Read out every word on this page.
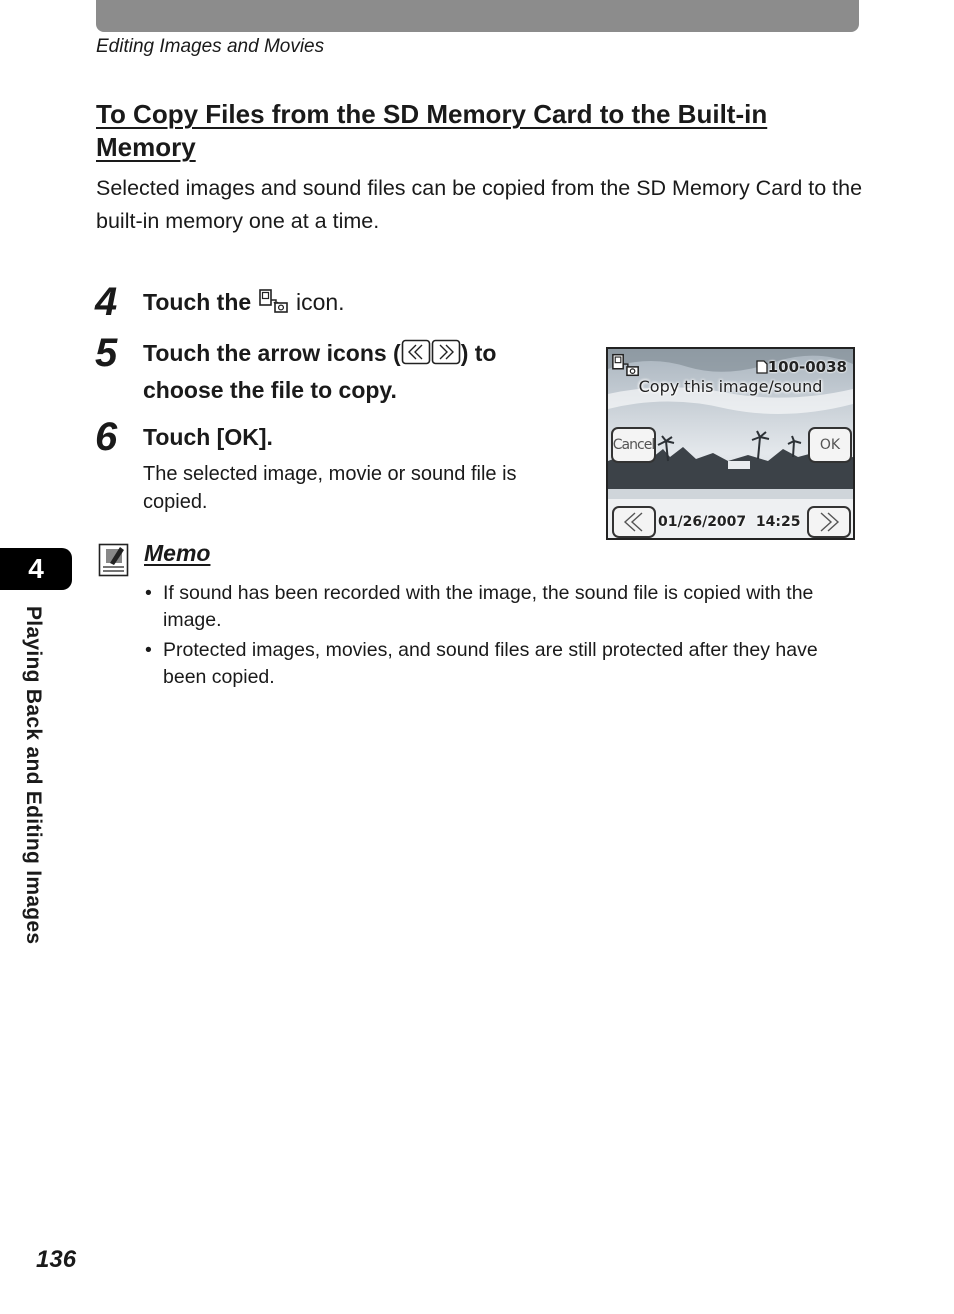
Editing Images and Movies
To Copy Files from the SD Memory Card to the Built-in Memory

Selected images and sound files can be copied from the SD Memory Card to the built-in memory one at a time.

4 Touch the icon.

5 Touch the arrow icons (	) to choose the file to copy.

6 Touch [OK].

The selected image, movie or sound file is copied.

100-0038
Copy this image/sound
Cancel	OK
01/26/2007 14:25
Memo
• If sound has been recorded with the image, the sound file is copied with the image.
• Protected images, movies, and sound files are still protected after they have been copied.
4
Playing Back and Editing Images
136
